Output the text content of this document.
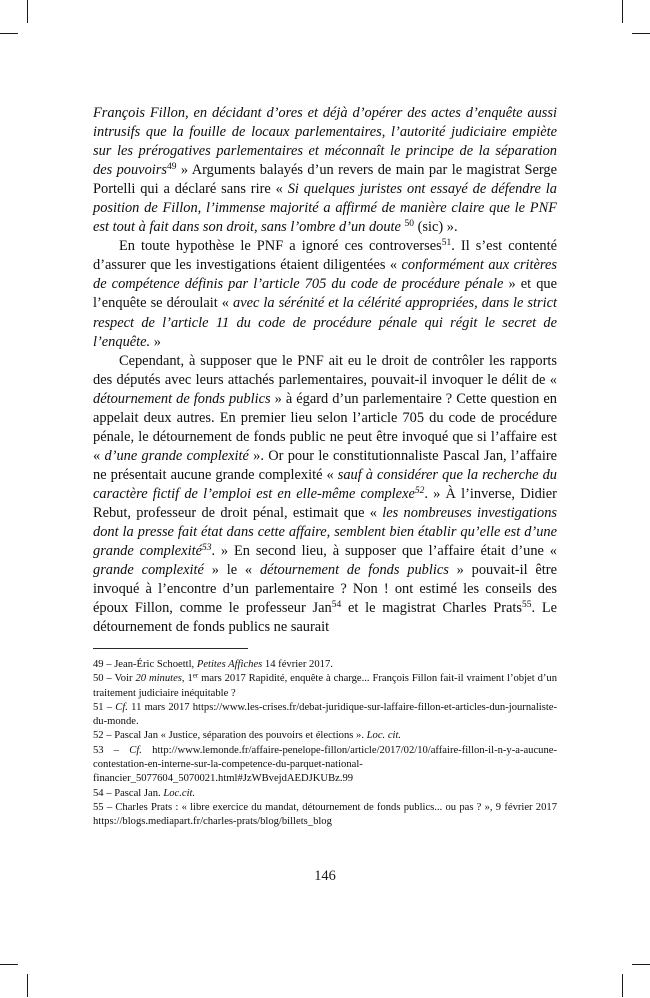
François Fillon, en décidant d’ores et déjà d’opérer des actes d’enquête aussi intrusifs que la fouille de locaux parlementaires, l’autorité judiciaire empiète sur les prérogatives parlementaires et méconnaît le principe de la séparation des pouvoirs$^{49}$ » Arguments balayés d’un revers de main par le magistrat Serge Portelli qui a déclaré sans rire « Si quelques juristes ont essayé de défendre la position de Fillon, l’immense majorité a affirmé de manière claire que le PNF est tout à fait dans son droit, sans l’ombre d’un doute $^{50}$ (sic) ».

En toute hypothèse le PNF a ignoré ces controverses$^{51}$. Il s’est contenté d’assurer que les investigations étaient diligentées « conformément aux critères de compétence définis par l’article 705 du code de procédure pénale » et que l’enquête se déroulait « avec la sérénité et la célérité appropriées, dans le strict respect de l’article 11 du code de procédure pénale qui régit le secret de l’enquête. »

Cependant, à supposer que le PNF ait eu le droit de contrôler les rapports des députés avec leurs attachés parlementaires, pouvait-il invoquer le délit de « détournement de fonds publics » à égard d’un parlementaire ? Cette question en appelait deux autres. En premier lieu selon l’article 705 du code de procédure pénale, le détournement de fonds public ne peut être invoqué que si l’affaire est « d’une grande complexité ». Or pour le constitutionnaliste Pascal Jan, l’affaire ne présentait aucune grande complexité « sauf à considérer que la recherche du caractère fictif de l’emploi est en elle-même complexe$^{52}$. » À l’inverse, Didier Rebut, professeur de droit pénal, estimait que « les nombreuses investigations dont la presse fait état dans cette affaire, semblent bien établir qu’elle est d’une grande complexité$^{53}$. » En second lieu, à supposer que l’affaire était d’une « grande complexité » le « détournement de fonds publics » pouvait-il être invoqué à l’encontre d’un parlementaire ? Non ! ont estimé les conseils des époux Fillon, comme le professeur Jan$^{54}$ et le magistrat Charles Prats$^{55}$. Le détournement de fonds publics ne saurait

49 – Jean-Éric Schoettl, Petites Affiches 14 février 2017.

50 – Voir 20 minutes, 1er mars 2017 Rapidité, enquête à charge... François Fillon fait-il vraiment l’objet d’un traitement judiciaire inéquitable ?

51 – Cf. 11 mars 2017 https://www.les-crises.fr/debat-juridique-sur-laffaire-fillon-et-articles-dun-journaliste-du-monde.

52 – Pascal Jan « Justice, séparation des pouvoirs et élections ». Loc. cit.

53 – Cf. http://www.lemonde.fr/affaire-penelope-fillon/article/2017/02/10/affaire-fillon-il-n-y-a-aucune-contestation-en-interne-sur-la-competence-du-parquet-national-financier_5077604_5070021.html#JzWBvejdAEDJKUBz.99

54 – Pascal Jan. Loc.cit.

55 – Charles Prats : « libre exercice du mandat, détournement de fonds publics... ou pas ? », 9 février 2017 https://blogs.mediapart.fr/charles-prats/blog/billets_blog

146
